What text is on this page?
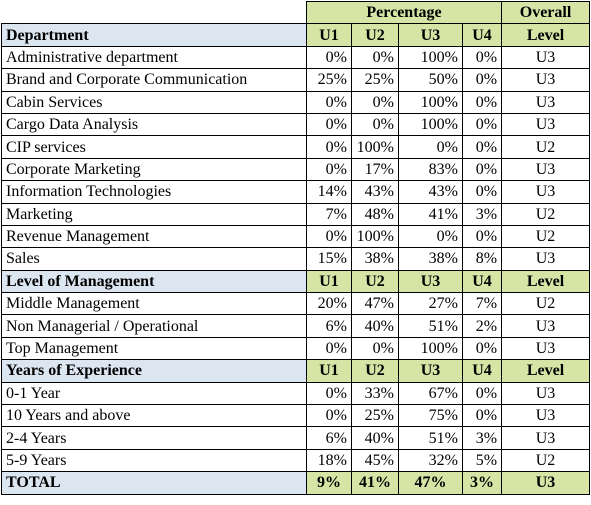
	Percentage				Overall
Department	U1	U2	U3	U4	Level
Administrative department	0%	0%	100%	0%	U3
Brand and Corporate Communication	25%	25%	50%	0%	U3
Cabin Services	0%	0%	100%	0%	U3
Cargo Data Analysis	0%	0%	100%	0%	U3
CIP services	0%	100%	0%	0%	U2
Corporate Marketing	0%	17%	83%	0%	U3
Information Technologies	14%	43%	43%	0%	U3
Marketing	7%	48%	41%	3%	U2
Revenue Management	0%	100%	0%	0%	U2
Sales	15%	38%	38%	8%	U3
Level of Management	U1	U2	U3	U4	Level
Middle Management	20%	47%	27%	7%	U2
Non Managerial / Operational	6%	40%	51%	2%	U3
Top Management	0%	0%	100%	0%	U3
Years of Experience	U1	U2	U3	U4	Level
0-1 Year	0%	33%	67%	0%	U3
10 Years and above	0%	25%	75%	0%	U3
2-4 Years	6%	40%	51%	3%	U3
5-9 Years	18%	45%	32%	5%	U2
TOTAL	9%	41%	47%	3%	U3
